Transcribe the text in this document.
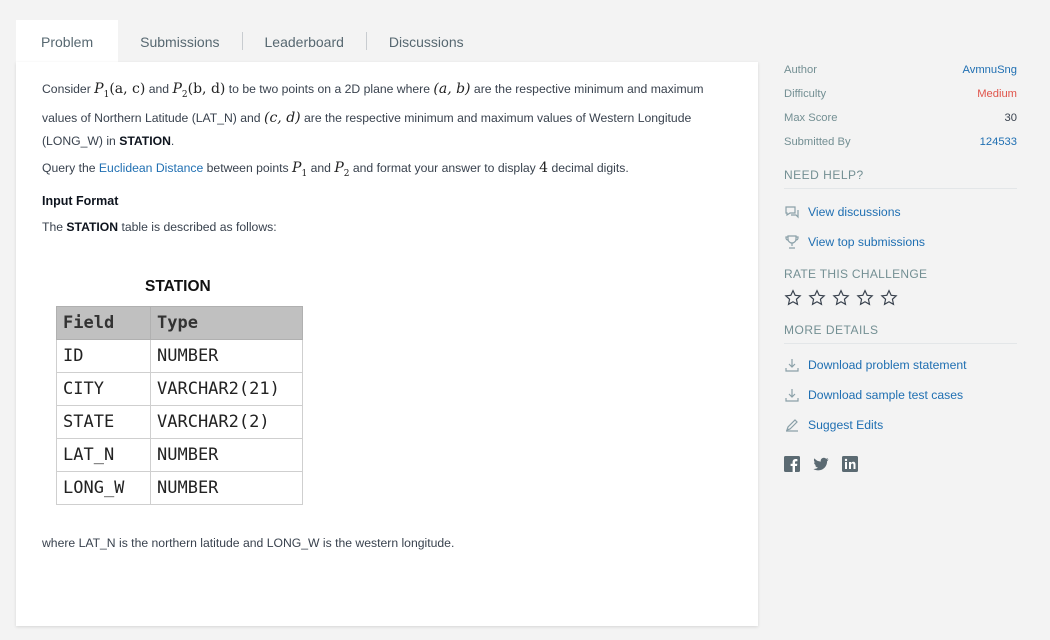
Problem	Submissions	Leaderboard	Discussions
Consider $P_1(a$, c) and $P_2(b$, d) to be two points on a 2D plane where (a, b) are the respective minimum and maximum values of Northern Latitude (LAT_N) and (c, d) are the respective minimum and maximum values of Western Longitude (LONG_W) in STATION.
Query the Euclidean Distance between points $P_1$ and $P_2$ and format your answer to display 4 decimal digits.
Input Format
The STATION table is described as follows:
STATION
Field	Type
ID	NUMBER
CITY	VARCHAR2(21)
STATE	VARCHAR2(2)
LAT_N	NUMBER
LONG_W	NUMBER
where LAT_N is the northern latitude and LONG_W is the western longitude.
Author	AvmnuSng
Difficulty	Medium
Max Score	30
Submitted By	124533
NEED HELP?
View discussions
View top submissions
RATE THIS CHALLENGE
MORE DETAILS
Download problem statement
Download sample test cases
Suggest Edits
